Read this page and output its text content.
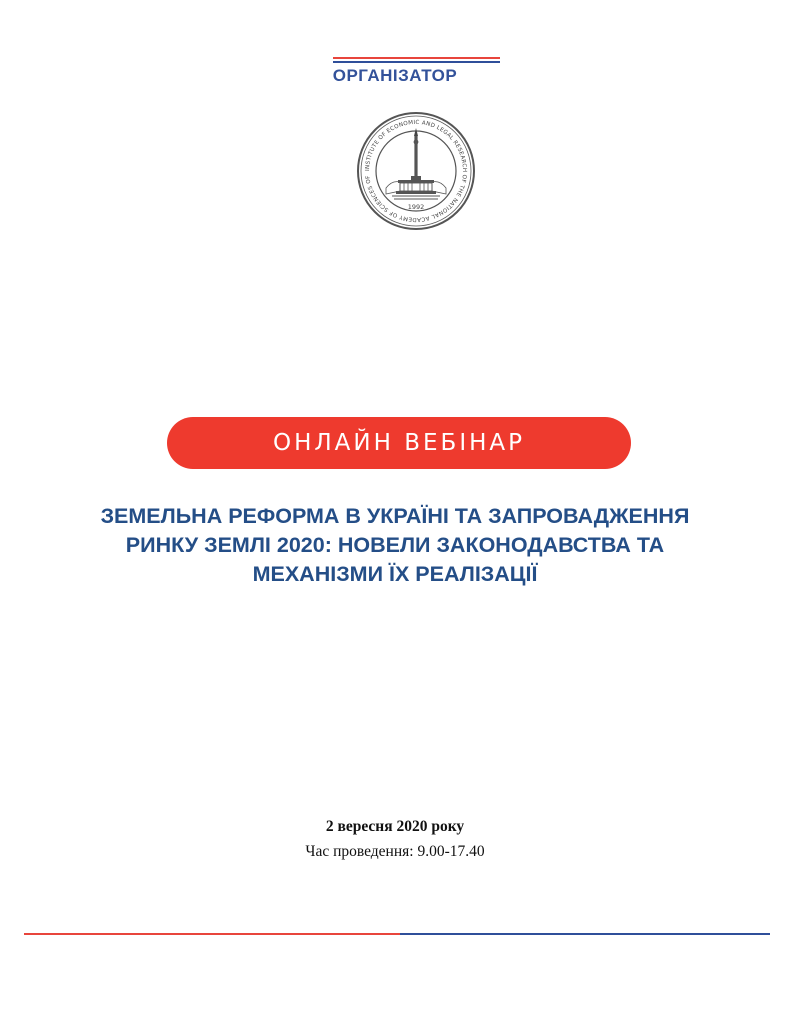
ОРГАНІЗАТОР
INSTITUTE OF ECONOMIC AND LEGAL RESEARCH OF THE NATIONAL ACADEMY OF SCIENCES OF
1992
ОНЛАЙН ВЕБІНАР
ЗЕМЕЛЬНА РЕФОРМА В УКРАЇНІ ТА ЗАПРОВАДЖЕННЯ
РИНКУ ЗЕМЛІ 2020: НОВЕЛИ ЗАКОНОДАВСТВА ТА
МЕХАНІЗМИ ЇХ РЕАЛІЗАЦІЇ
2 вересня 2020 року
Час проведення: 9.00-17.40
